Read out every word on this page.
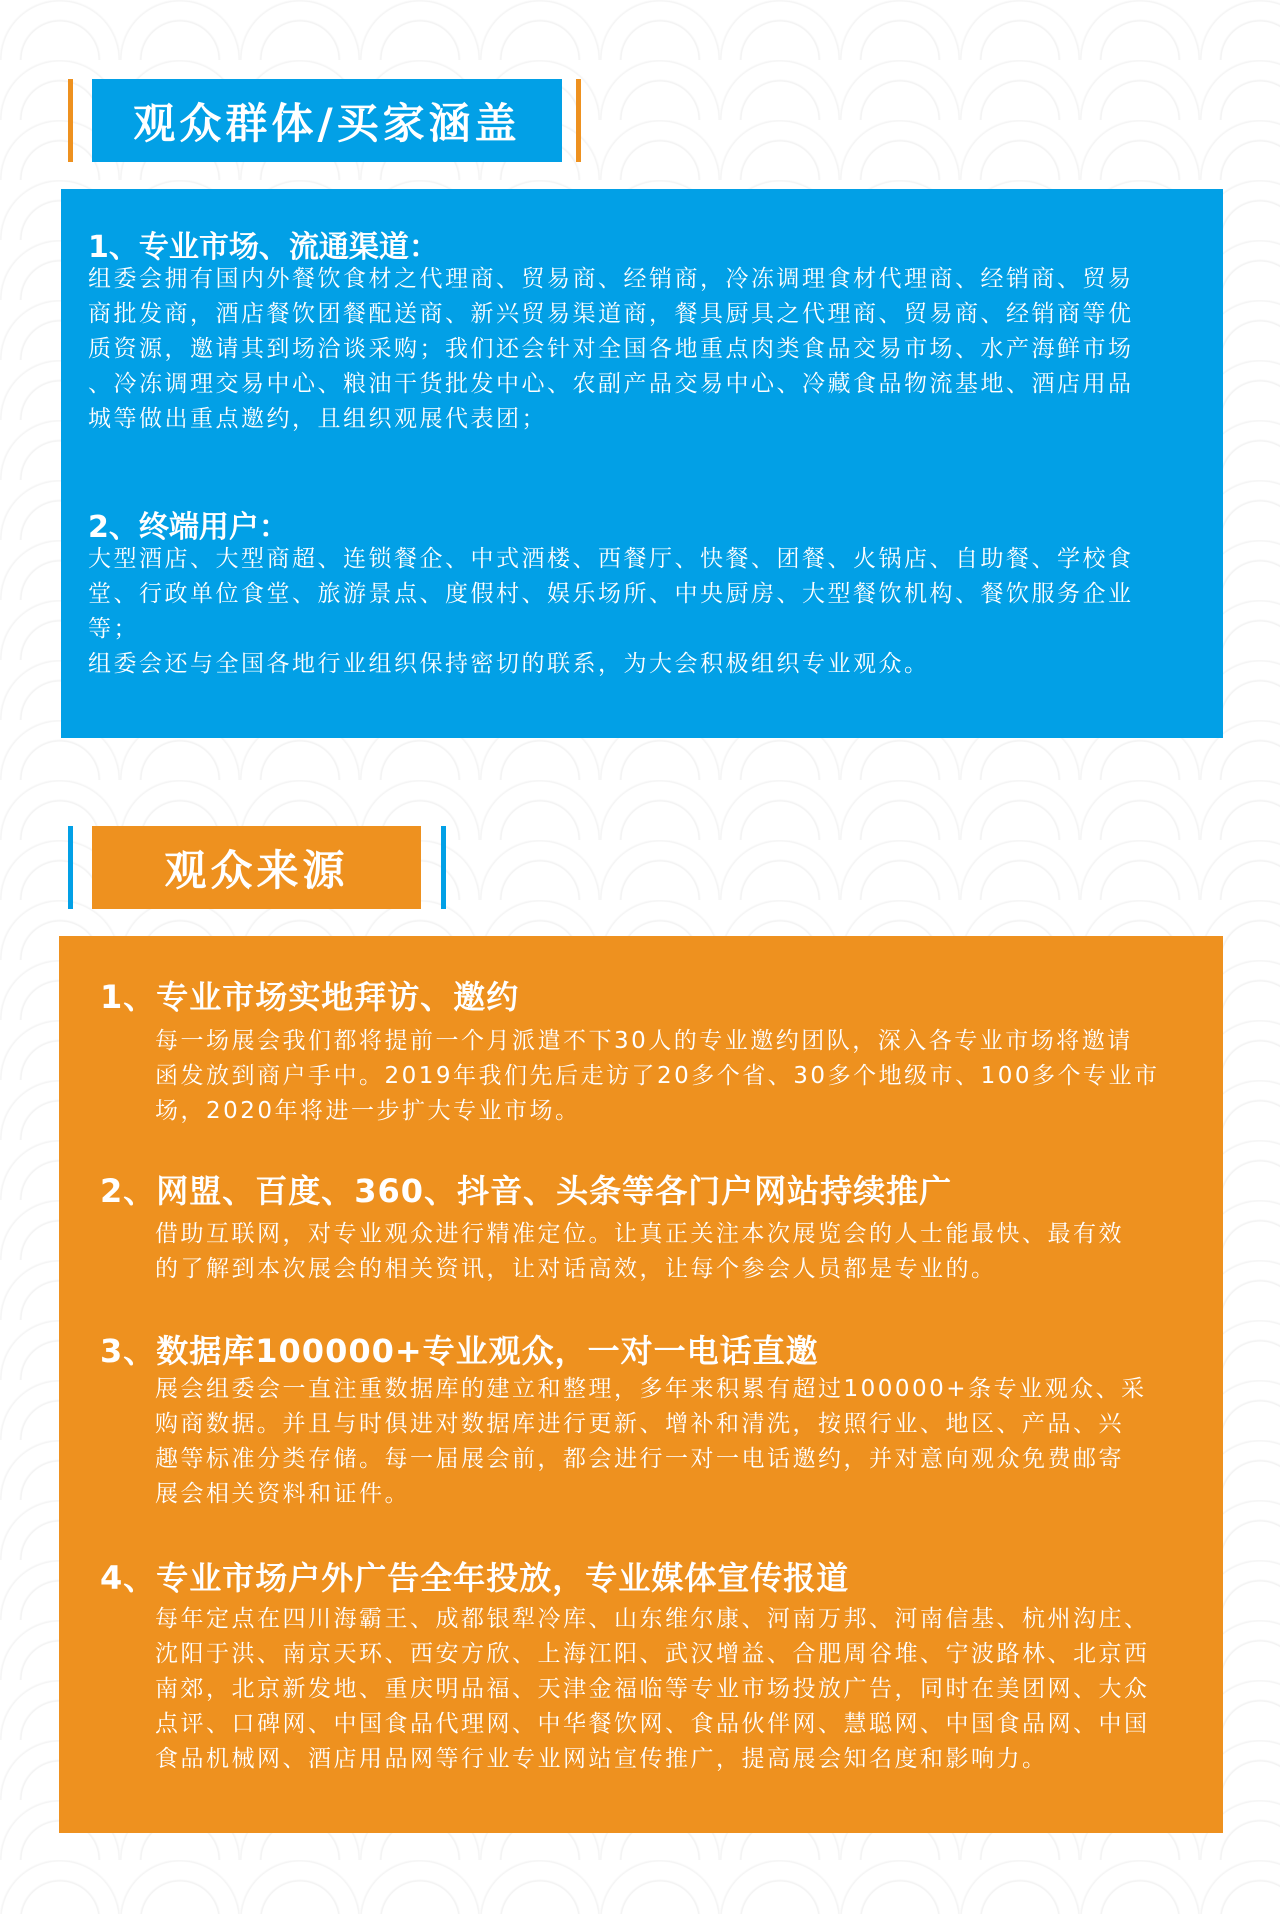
观众群体/买家涵盖
1、专业市场、流通渠道：
组委会拥有国内外餐饮食材之代理商、贸易商、经销商，冷冻调理食材代理商、经销商、贸易
商批发商，酒店餐饮团餐配送商、新兴贸易渠道商，餐具厨具之代理商、贸易商、经销商等优
质资源，邀请其到场洽谈采购；我们还会针对全国各地重点肉类食品交易市场、水产海鲜市场
、冷冻调理交易中心、粮油干货批发中心、农副产品交易中心、冷藏食品物流基地、酒店用品
城等做出重点邀约，且组织观展代表团；
2、终端用户：
大型酒店、大型商超、连锁餐企、中式酒楼、西餐厅、快餐、团餐、火锅店、自助餐、学校食
堂、行政单位食堂、旅游景点、度假村、娱乐场所、中央厨房、大型餐饮机构、餐饮服务企业
等；
组委会还与全国各地行业组织保持密切的联系，为大会积极组织专业观众。
观众来源
1、专业市场实地拜访、邀约
每一场展会我们都将提前一个月派遣不下30人的专业邀约团队，深入各专业市场将邀请
函发放到商户手中。2019年我们先后走访了20多个省、30多个地级市、100多个专业市
场，2020年将进一步扩大专业市场。
2、网盟、百度、360、抖音、头条等各门户网站持续推广
借助互联网，对专业观众进行精准定位。让真正关注本次展览会的人士能最快、最有效
的了解到本次展会的相关资讯，让对话高效，让每个参会人员都是专业的。
3、数据库100000+专业观众，一对一电话直邀
展会组委会一直注重数据库的建立和整理，多年来积累有超过100000+条专业观众、采
购商数据。并且与时俱进对数据库进行更新、增补和清洗，按照行业、地区、产品、兴
趣等标准分类存储。每一届展会前，都会进行一对一电话邀约，并对意向观众免费邮寄
展会相关资料和证件。
4、专业市场户外广告全年投放，专业媒体宣传报道
每年定点在四川海霸王、成都银犁冷库、山东维尔康、河南万邦、河南信基、杭州沟庄、
沈阳于洪、南京天环、西安方欣、上海江阳、武汉增益、合肥周谷堆、宁波路林、北京西
南郊，北京新发地、重庆明品福、天津金福临等专业市场投放广告，同时在美团网、大众
点评、口碑网、中国食品代理网、中华餐饮网、食品伙伴网、慧聪网、中国食品网、中国
食品机械网、酒店用品网等行业专业网站宣传推广，提高展会知名度和影响力。
